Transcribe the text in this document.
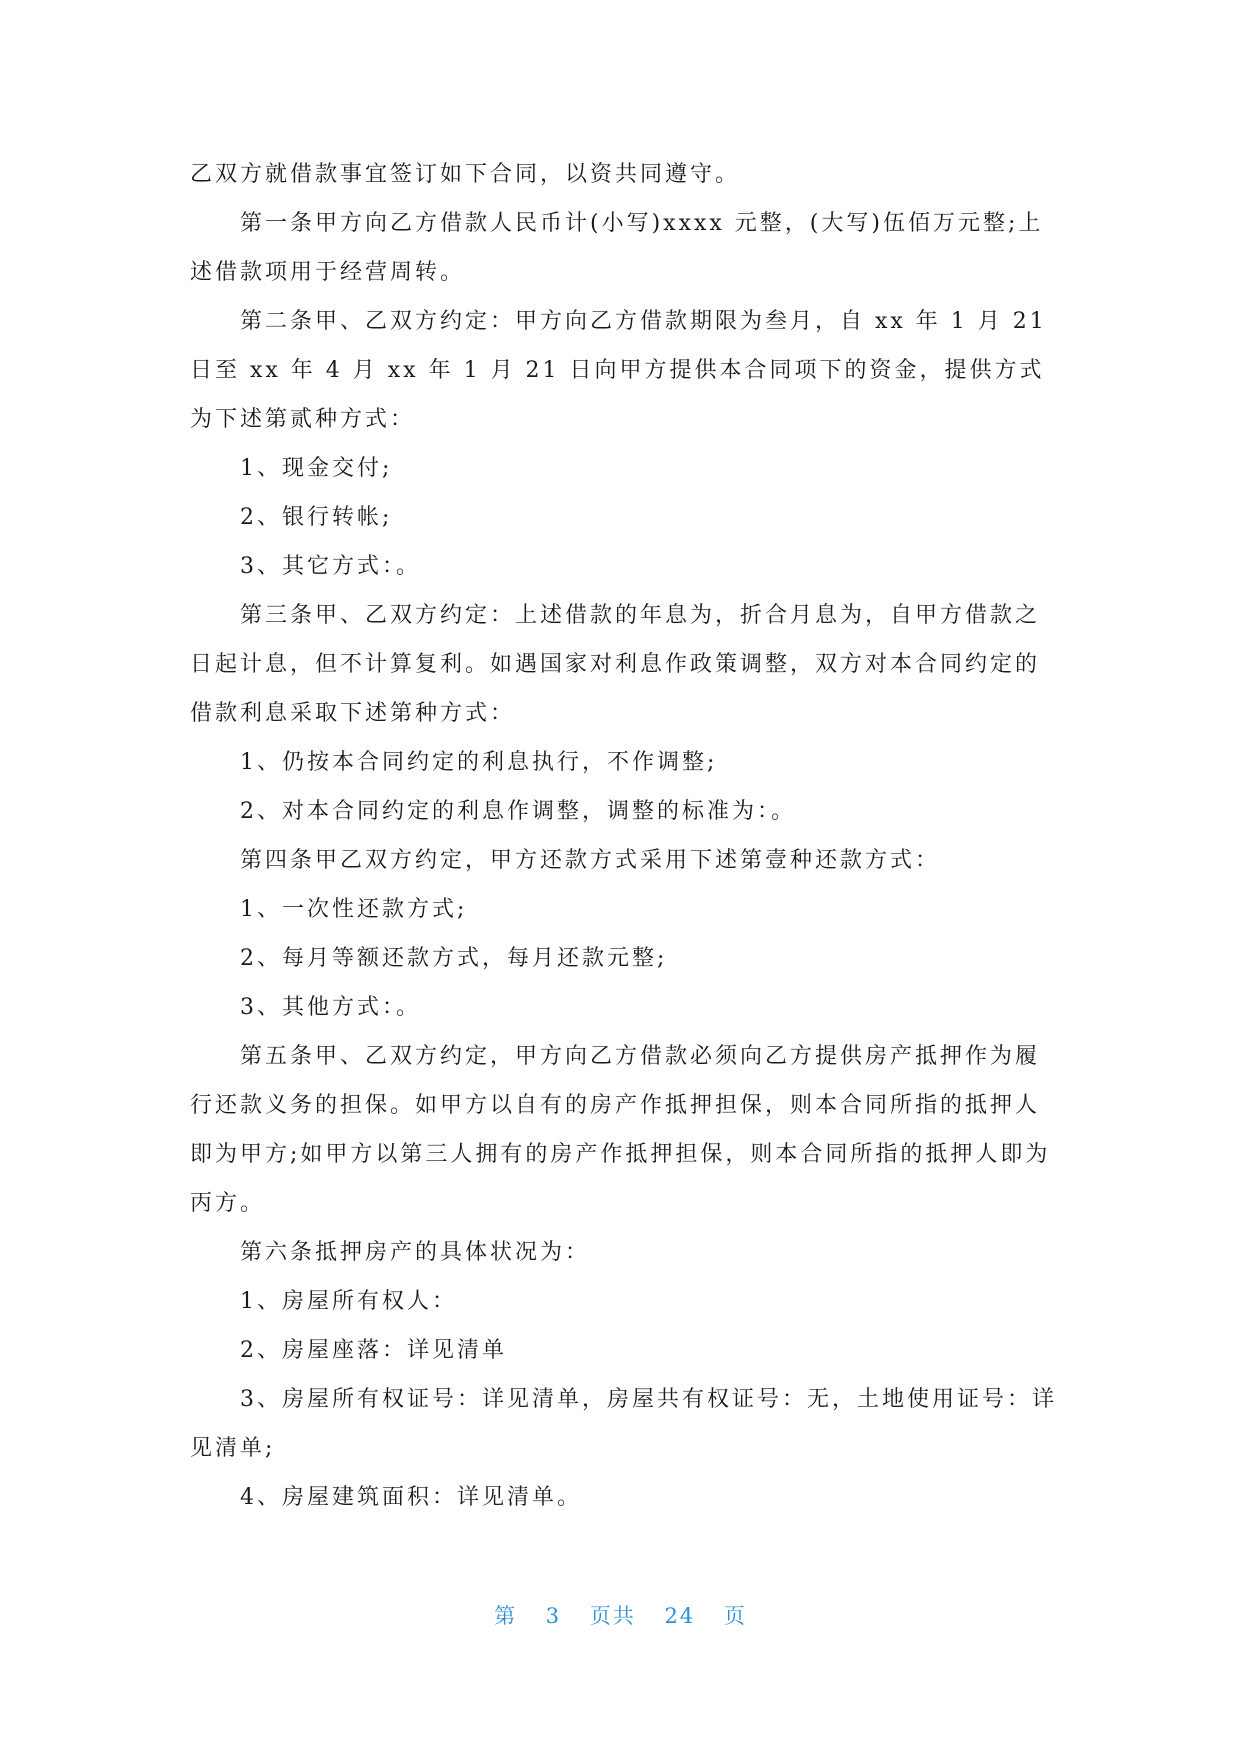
乙双方就借款事宜签订如下合同，以资共同遵守。

第一条甲方向乙方借款人民币计(小写)xxxx 元整，(大写)伍佰万元整;上述借款项用于经营周转。

第二条甲、乙双方约定：甲方向乙方借款期限为叁月，自 xx 年 1 月 21 日至 xx 年 4 月 xx 年 1 月 21 日向甲方提供本合同项下的资金，提供方式为下述第贰种方式：

1、现金交付;

2、银行转帐;

3、其它方式：。

第三条甲、乙双方约定：上述借款的年息为，折合月息为，自甲方借款之日起计息，但不计算复利。如遇国家对利息作政策调整，双方对本合同约定的借款利息采取下述第种方式：

1、仍按本合同约定的利息执行，不作调整;

2、对本合同约定的利息作调整，调整的标准为：。

第四条甲乙双方约定，甲方还款方式采用下述第壹种还款方式：

1、一次性还款方式;

2、每月等额还款方式，每月还款元整;

3、其他方式：。

第五条甲、乙双方约定，甲方向乙方借款必须向乙方提供房产抵押作为履行还款义务的担保。如甲方以自有的房产作抵押担保，则本合同所指的抵押人即为甲方;如甲方以第三人拥有的房产作抵押担保，则本合同所指的抵押人即为丙方。

第六条抵押房产的具体状况为：

1、房屋所有权人：

2、房屋座落：详见清单

3、房屋所有权证号：详见清单，房屋共有权证号：无，土地使用证号：详见清单;

4、房屋建筑面积：详见清单。

第 3 页共 24 页
